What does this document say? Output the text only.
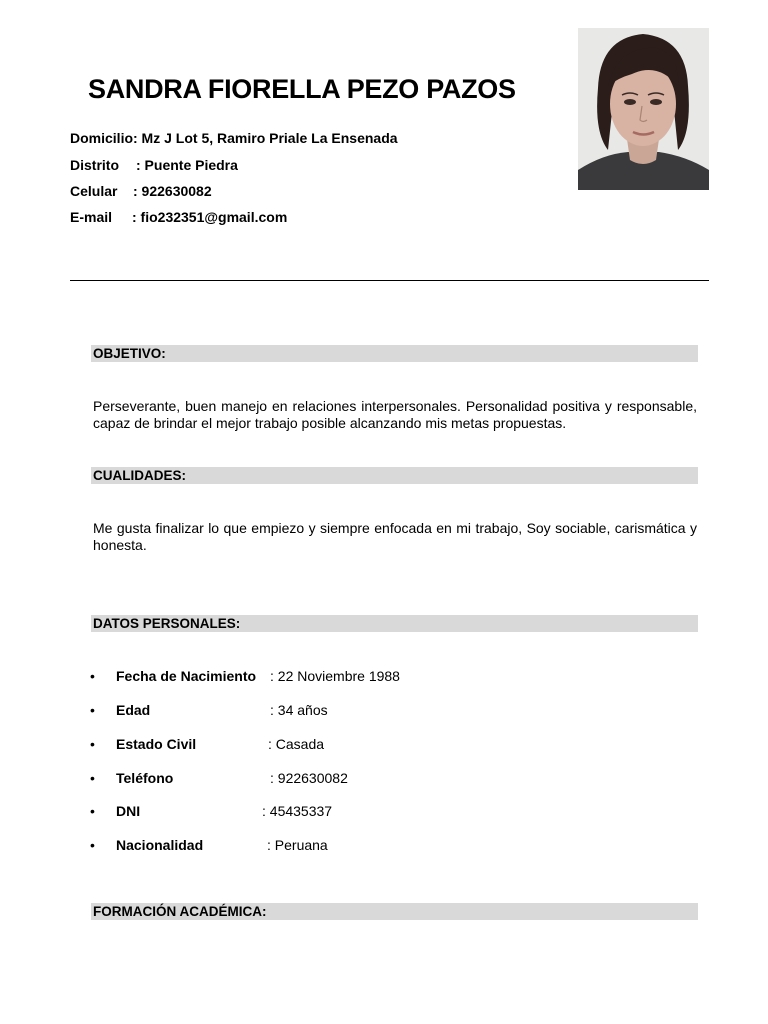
SANDRA FIORELLA PEZO PAZOS
Domicilio: Mz J Lot 5, Ramiro Priale La Ensenada
Distrito : Puente Piedra
Celular : 922630082
E-mail : fio232351@gmail.com
OBJETIVO:
Perseverante, buen manejo en relaciones interpersonales. Personalidad positiva y responsable, capaz de brindar el mejor trabajo posible alcanzando mis metas propuestas.
CUALIDADES:
Me gusta finalizar lo que empiezo y siempre enfocada en mi trabajo, Soy sociable, carismática y honesta.
DATOS PERSONALES:
• Fecha de Nacimiento : 22 Noviembre 1988
• Edad	: 34 años
• Estado Civil	: Casada
• Teléfono	: 922630082
• DNI	: 45435337
• Nacionalidad	: Peruana
FORMACIÓN ACADÉMICA:
